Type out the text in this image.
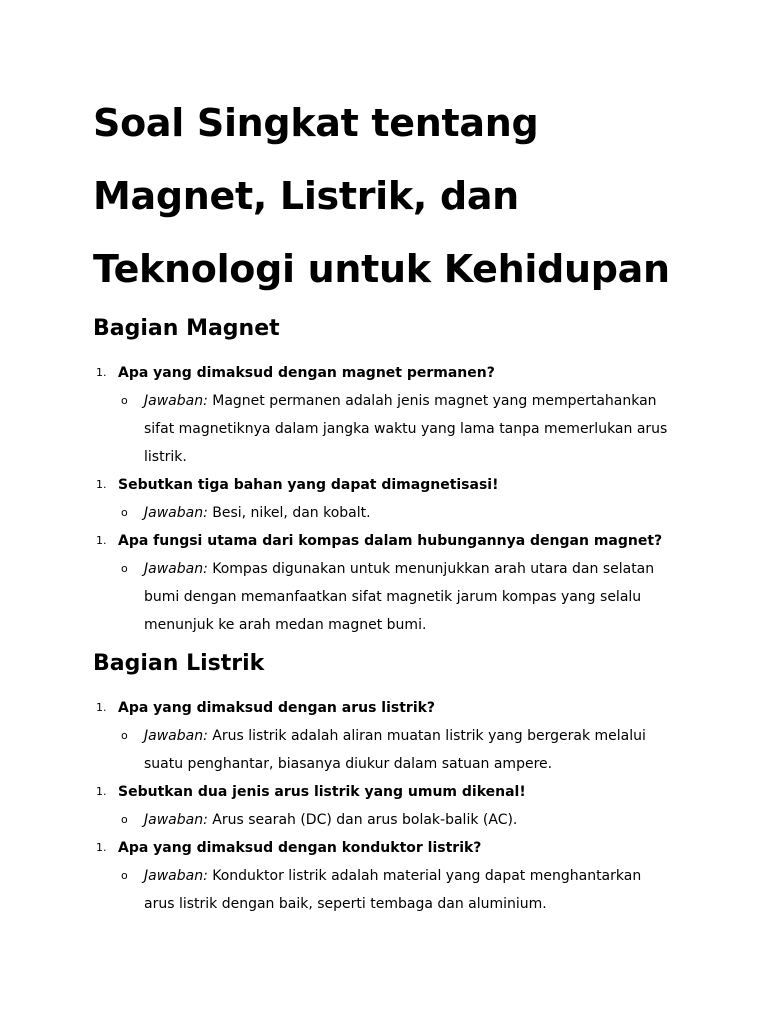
Soal Singkat tentang
Magnet, Listrik, dan
Teknologi untuk Kehidupan
Bagian Magnet
1. Apa yang dimaksud dengan magnet permanen?
o Jawaban: Magnet permanen adalah jenis magnet yang mempertahankan sifat magnetiknya dalam jangka waktu yang lama tanpa memerlukan arus listrik.
1. Sebutkan tiga bahan yang dapat dimagnetisasi!
o Jawaban: Besi, nikel, dan kobalt.
1. Apa fungsi utama dari kompas dalam hubungannya dengan magnet?
o Jawaban: Kompas digunakan untuk menunjukkan arah utara dan selatan bumi dengan memanfaatkan sifat magnetik jarum kompas yang selalu menunjuk ke arah medan magnet bumi.
Bagian Listrik
1. Apa yang dimaksud dengan arus listrik?
o Jawaban: Arus listrik adalah aliran muatan listrik yang bergerak melalui suatu penghantar, biasanya diukur dalam satuan ampere.
1. Sebutkan dua jenis arus listrik yang umum dikenal!
o Jawaban: Arus searah (DC) dan arus bolak-balik (AC).
1. Apa yang dimaksud dengan konduktor listrik?
o Jawaban: Konduktor listrik adalah material yang dapat menghantarkan arus listrik dengan baik, seperti tembaga dan aluminium.
